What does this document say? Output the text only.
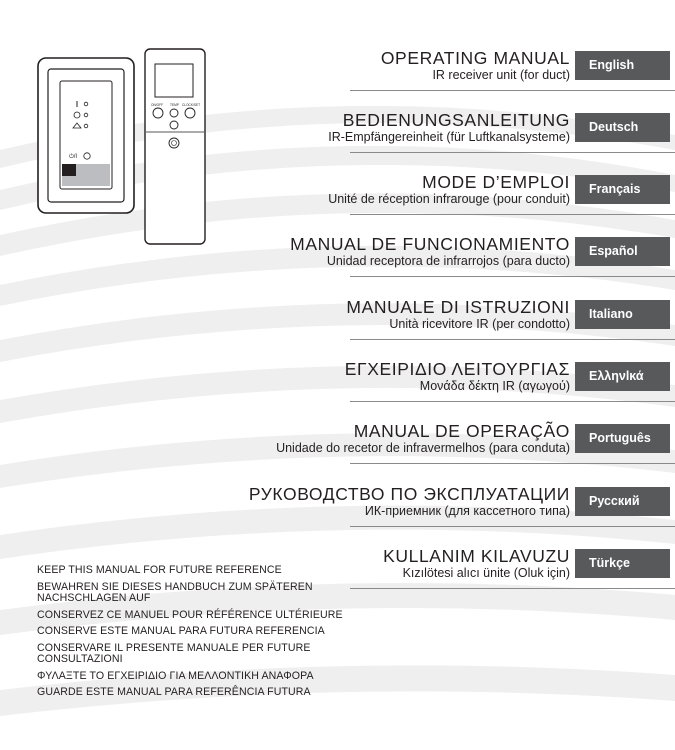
⏻/I
ON/OFF TEMP CLOCK/SET
OPERATING MANUAL
IR receiver unit (for duct)
English
BEDIENUNGSANLEITUNG
IR-Empfängereinheit (für Luftkanalsysteme)
Deutsch
MODE D’EMPLOI
Unité de réception infrarouge (pour conduit)
Français
MANUAL DE FUNCIONAMIENTO
Unidad receptora de infrarrojos (para ducto)
Español
MANUALE DI ISTRUZIONI
Unità ricevitore IR (per condotto)
Italiano
ΕΓΧΕΙΡΙΔΙΟ ΛΕΙΤΟΥΡΓΙΑΣ
Μονάδα δέκτη IR (αγωγού)
Ελληνlκά
MANUAL DE OPERAÇÃO
Unidade do recetor de infravermelhos (para conduta)
Português
РУКОВОДСТВО ПО ЭКСПЛУАТАЦИИ
ИК-приемник (для кассетного типа)
Русский
KULLANIM KILAVUZU
Kızılötesi alıcı ünite (Oluk için)
Türkçe
KEEP THIS MANUAL FOR FUTURE REFERENCE
BEWAHREN SIE DIESES HANDBUCH ZUM SPÄTEREN NACHSCHLAGEN AUF
CONSERVEZ CE MANUEL POUR RÉFÉRENCE ULTÉRIEURE
CONSERVE ESTE MANUAL PARA FUTURA REFERENCIA
CONSERVARE IL PRESENTE MANUALE PER FUTURE CONSULTAZIONI
ΦΥΛΑΞΤΕ ΤΟ ΕΓΧΕΙΡΙΔΙΟ ΓΙΑ ΜΕΛΛΟΝΤΙΚΗ ΑΝΑΦΟΡΑ
GUARDE ESTE MANUAL PARA REFERÊNCIA FUTURA
